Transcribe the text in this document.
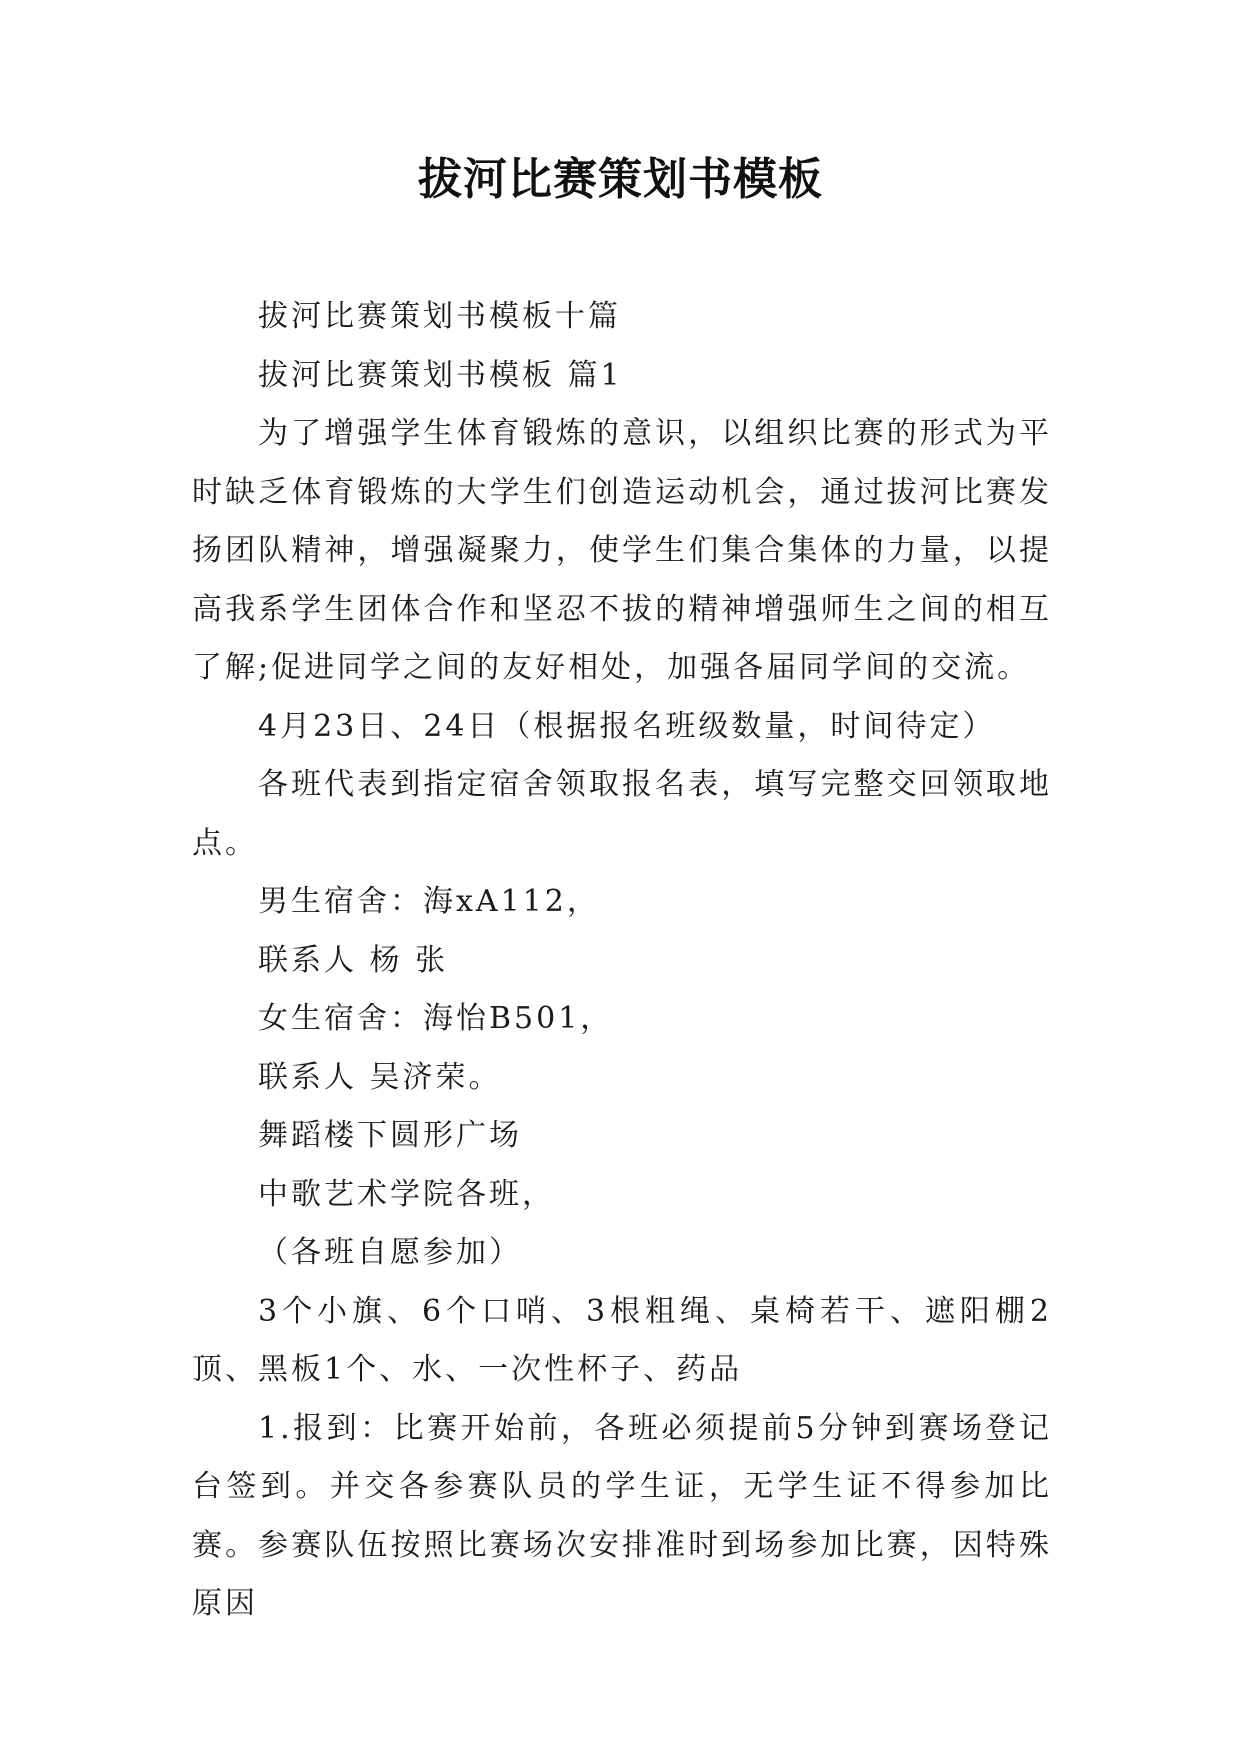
拔河比赛策划书模板

拔河比赛策划书模板十篇

拔河比赛策划书模板 篇1

为了增强学生体育锻炼的意识，以组织比赛的形式为平时缺乏体育锻炼的大学生们创造运动机会，通过拔河比赛发扬团队精神，增强凝聚力，使学生们集合集体的力量，以提高我系学生团体合作和坚忍不拔的精神增强师生之间的相互了解;促进同学之间的友好相处，加强各届同学间的交流。

4月23日、24日（根据报名班级数量，时间待定）

各班代表到指定宿舍领取报名表，填写完整交回领取地点。

男生宿舍：海xA112，

联系人 杨 张

女生宿舍：海怡B501，

联系人 吴济荣。

舞蹈楼下圆形广场

中歌艺术学院各班，

（各班自愿参加）

3个小旗、6个口哨、3根粗绳、桌椅若干、遮阳棚2顶、黑板1个、水、一次性杯子、药品

1.报到：比赛开始前，各班必须提前5分钟到赛场登记台签到。并交各参赛队员的学生证，无学生证不得参加比赛。参赛队伍按照比赛场次安排准时到场参加比赛，因特殊原因
